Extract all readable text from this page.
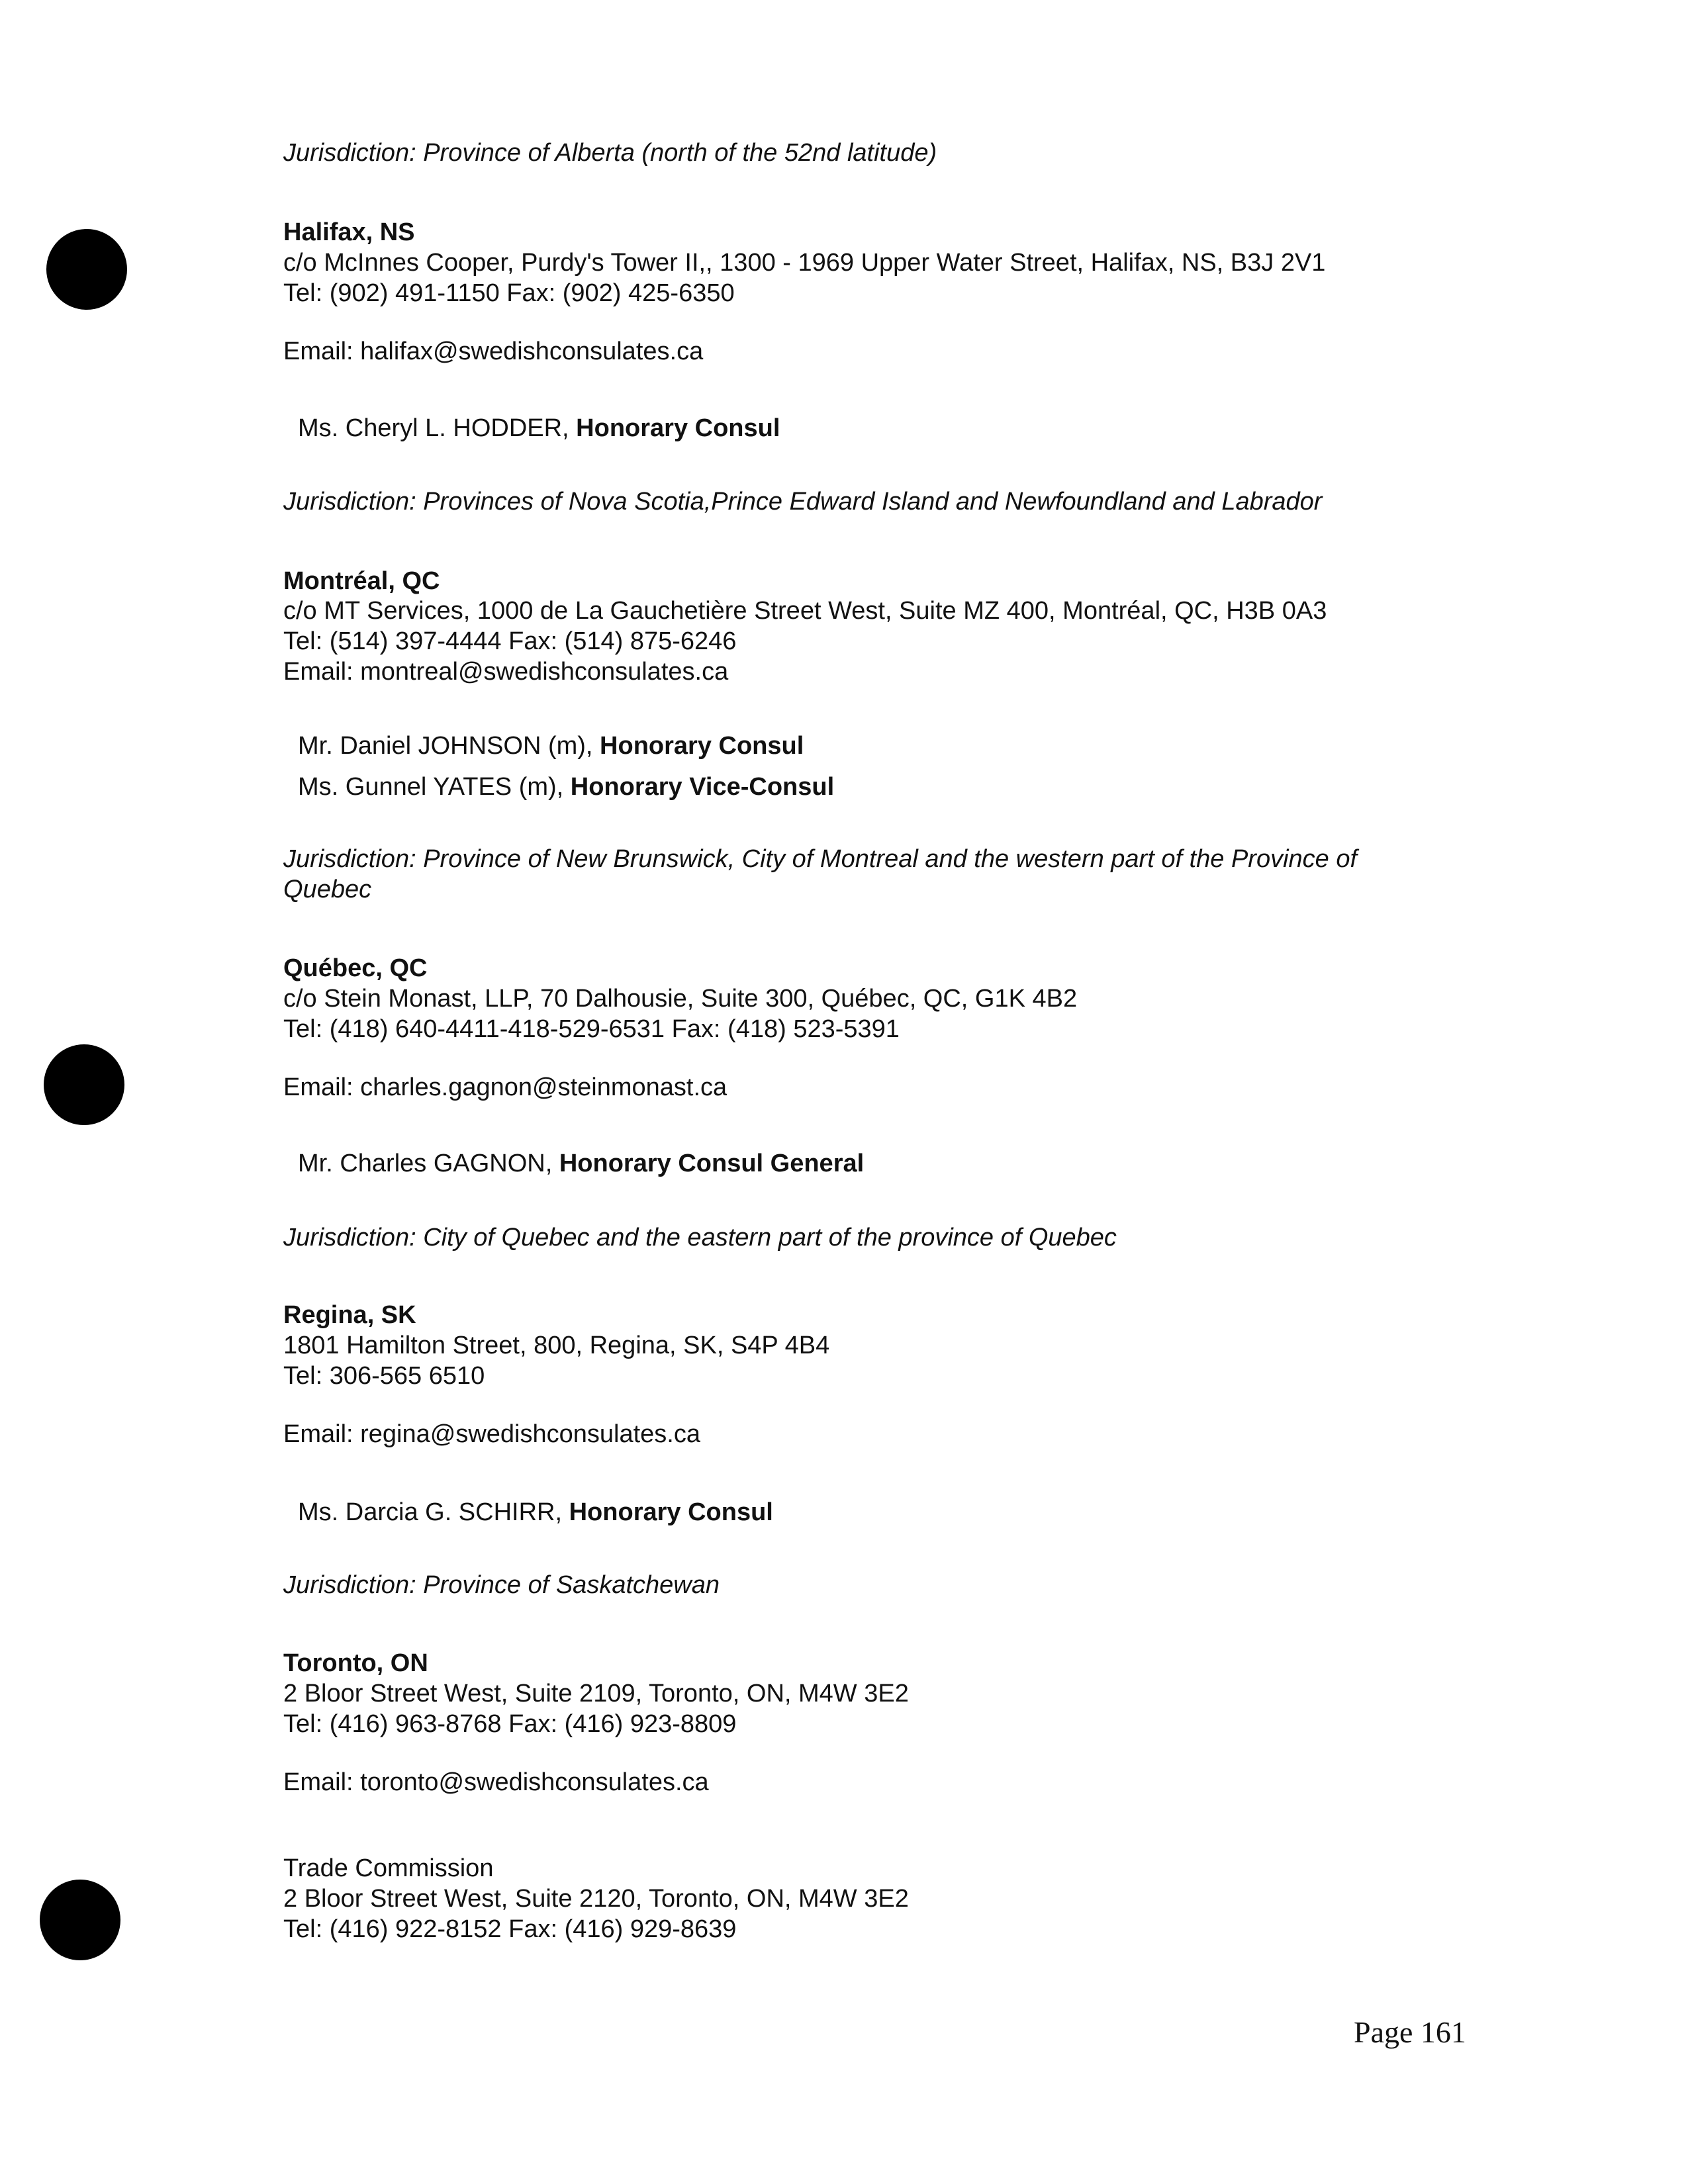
Jurisdiction: Province of Alberta (north of the 52nd latitude)
Halifax, NS
c/o McInnes Cooper, Purdy's Tower II,, 1300 - 1969 Upper Water Street, Halifax, NS, B3J 2V1
Tel: (902) 491-1150 Fax: (902) 425-6350
Email: halifax@swedishconsulates.ca
Ms. Cheryl L. HODDER, Honorary Consul
Jurisdiction: Provinces of Nova Scotia,Prince Edward Island and Newfoundland and Labrador
Montréal, QC
c/o MT Services, 1000 de La Gauchetière Street West, Suite MZ 400, Montréal, QC, H3B 0A3
Tel: (514) 397-4444 Fax: (514) 875-6246
Email: montreal@swedishconsulates.ca
Mr. Daniel JOHNSON (m), Honorary Consul
Ms. Gunnel YATES (m), Honorary Vice-Consul
Jurisdiction: Province of New Brunswick, City of Montreal and the western part of the Province of
Quebec
Québec, QC
c/o Stein Monast, LLP, 70 Dalhousie, Suite 300, Québec, QC, G1K 4B2
Tel: (418) 640-4411-418-529-6531 Fax: (418) 523-5391
Email: charles.gagnon@steinmonast.ca
Mr. Charles GAGNON, Honorary Consul General
Jurisdiction: City of Quebec and the eastern part of the province of Quebec
Regina, SK
1801 Hamilton Street, 800, Regina, SK, S4P 4B4
Tel: 306-565 6510
Email: regina@swedishconsulates.ca
Ms. Darcia G. SCHIRR, Honorary Consul
Jurisdiction: Province of Saskatchewan
Toronto, ON
2 Bloor Street West, Suite 2109, Toronto, ON, M4W 3E2
Tel: (416) 963-8768 Fax: (416) 923-8809
Email: toronto@swedishconsulates.ca
Trade Commission
2 Bloor Street West, Suite 2120, Toronto, ON, M4W 3E2
Tel: (416) 922-8152 Fax: (416) 929-8639
Page 161
